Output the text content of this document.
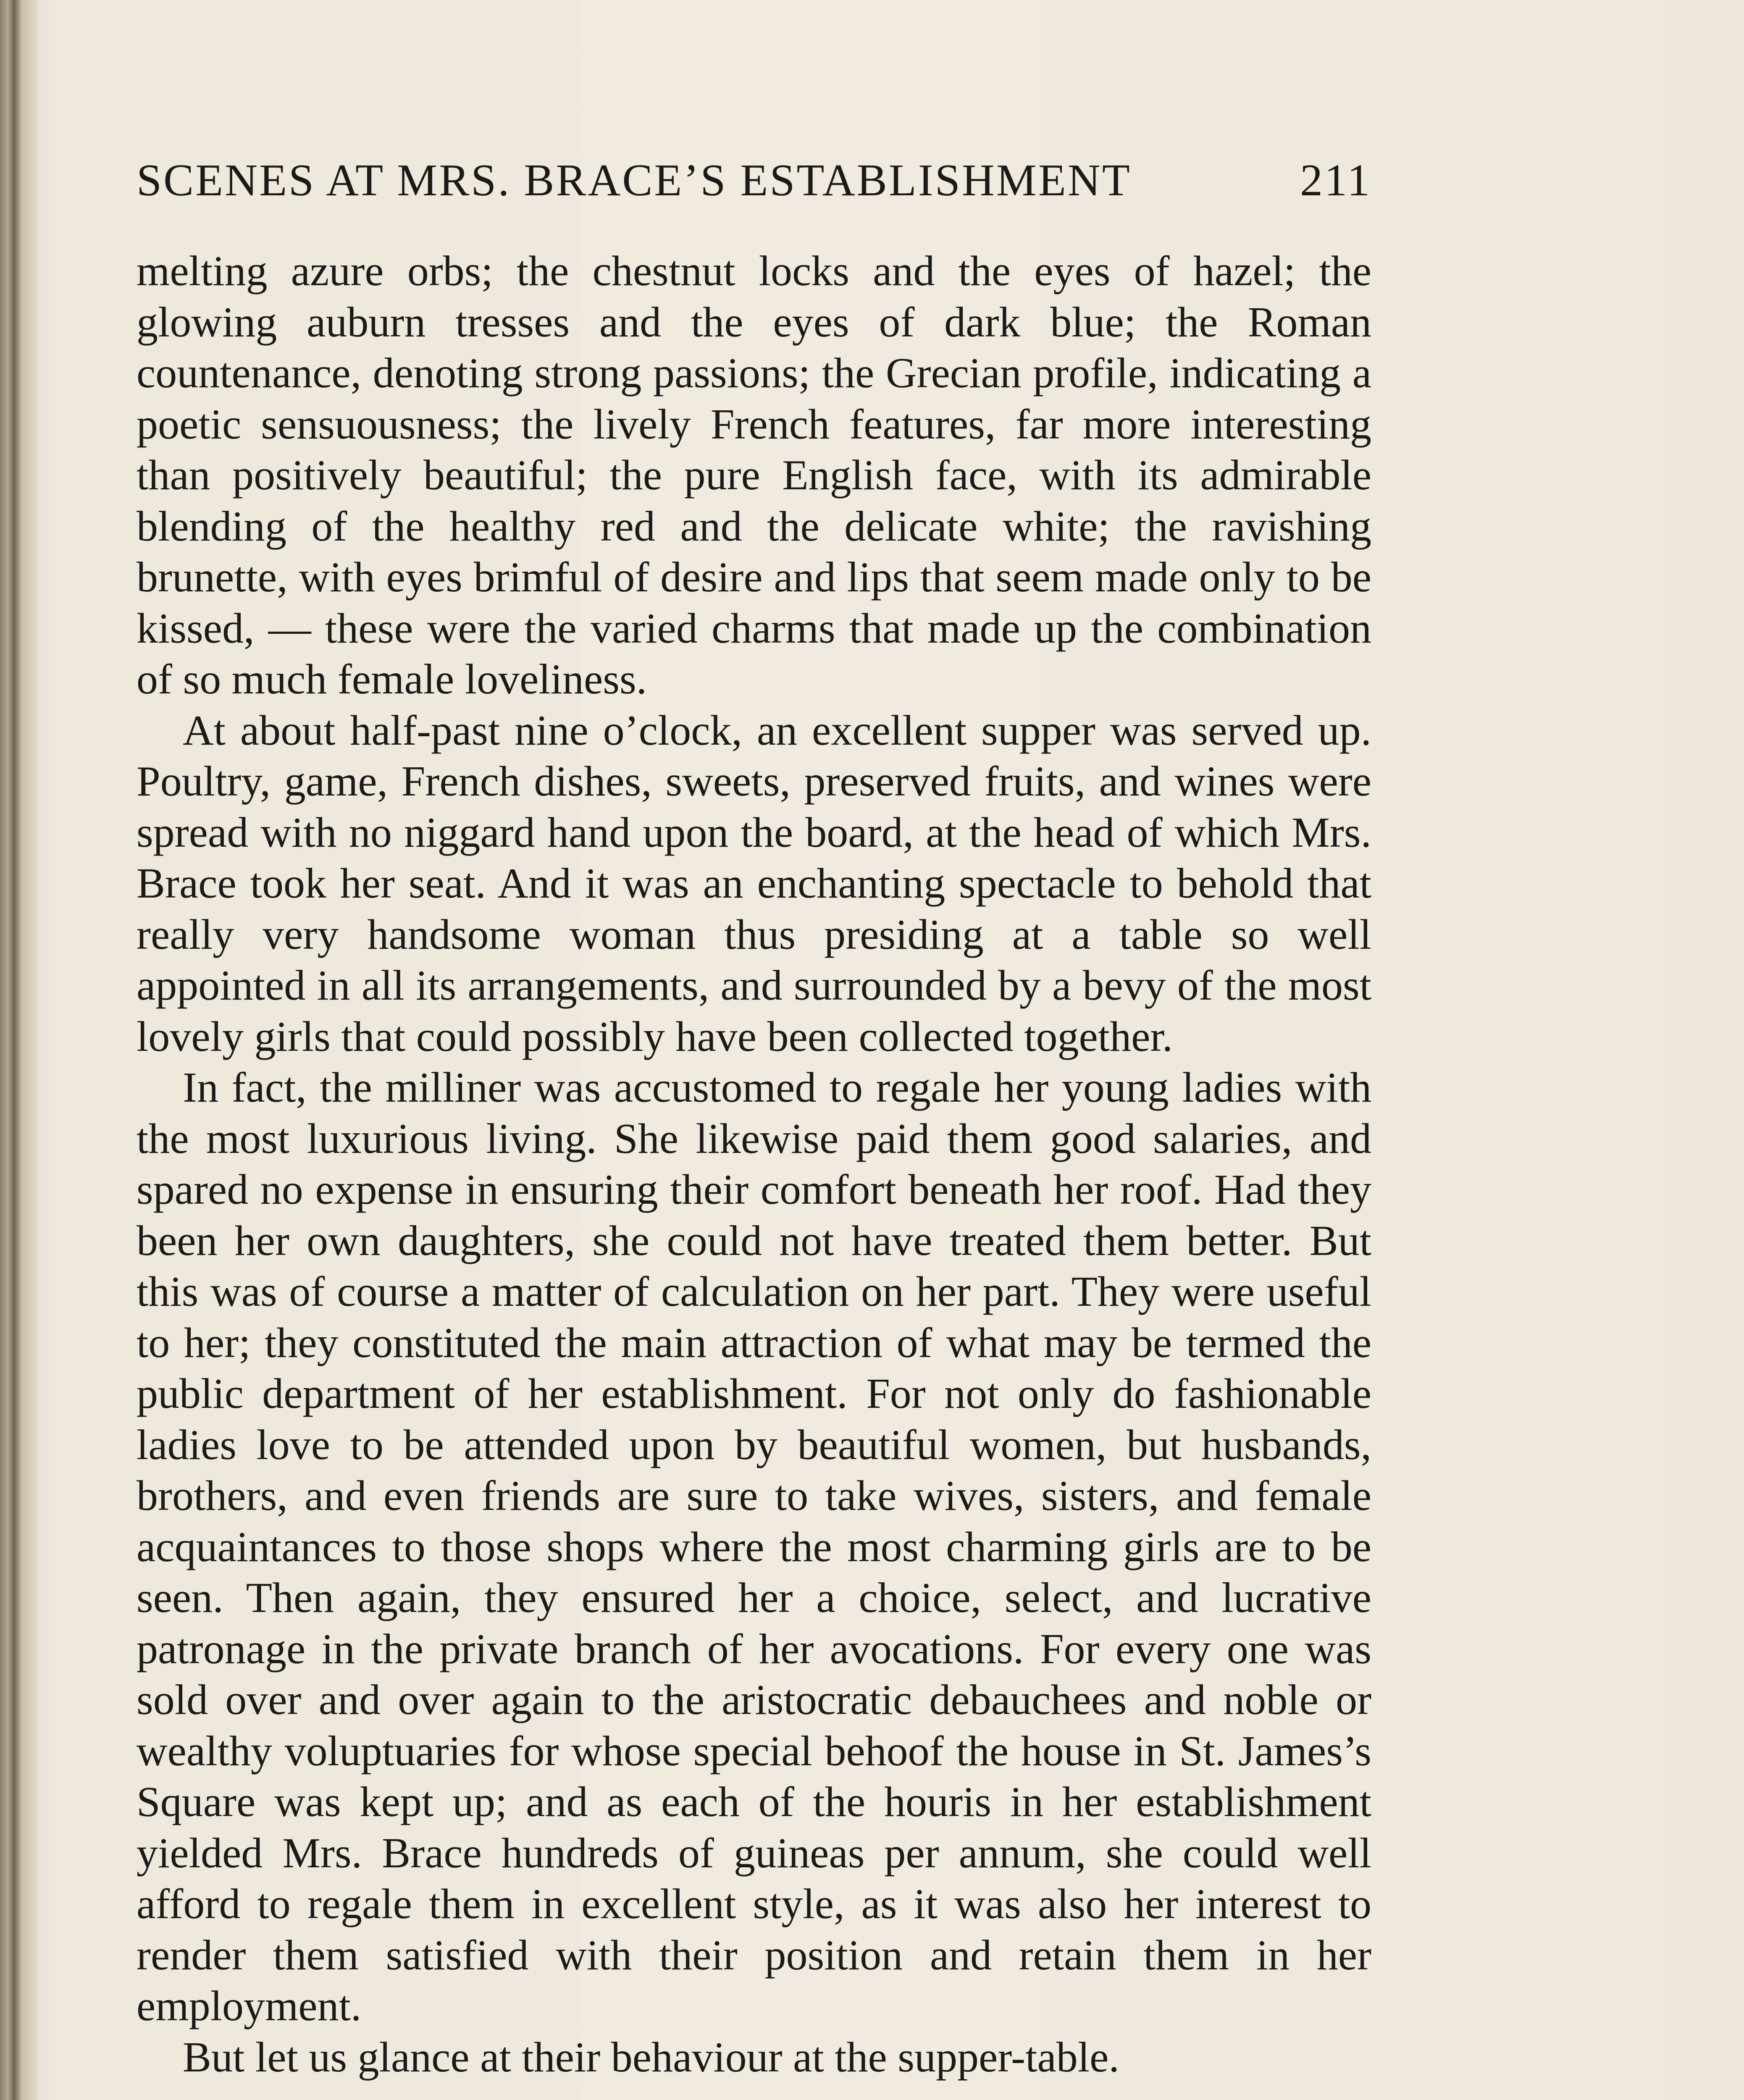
SCENES AT MRS. BRACE’S ESTABLISHMENT	211

melting azure orbs; the chestnut locks and the eyes of hazel; the glowing auburn tresses and the eyes of dark blue; the Roman countenance, denoting strong passions; the Grecian profile, indicating a poetic sensuousness; the lively French features, far more interesting than positively beautiful; the pure English face, with its admirable blending of the healthy red and the delicate white; the ravishing brunette, with eyes brimful of desire and lips that seem made only to be kissed, — these were the varied charms that made up the combination of so much female loveliness.

At about half-past nine o’clock, an excellent supper was served up. Poultry, game, French dishes, sweets, preserved fruits, and wines were spread with no niggard hand upon the board, at the head of which Mrs. Brace took her seat. And it was an enchanting spectacle to behold that really very handsome woman thus presiding at a table so well appointed in all its arrangements, and surrounded by a bevy of the most lovely girls that could possibly have been collected together.

In fact, the milliner was accustomed to regale her young ladies with the most luxurious living. She likewise paid them good salaries, and spared no expense in ensuring their comfort beneath her roof. Had they been her own daughters, she could not have treated them better. But this was of course a matter of calculation on her part. They were useful to her; they constituted the main attraction of what may be termed the public department of her establishment. For not only do fashionable ladies love to be attended upon by beautiful women, but husbands, brothers, and even friends are sure to take wives, sisters, and female acquaintances to those shops where the most charming girls are to be seen. Then again, they ensured her a choice, select, and lucrative patronage in the private branch of her avocations. For every one was sold over and over again to the aristocratic debauchees and noble or wealthy voluptuaries for whose special behoof the house in St. James’s Square was kept up; and as each of the houris in her establishment yielded Mrs. Brace hundreds of guineas per annum, she could well afford to regale them in excellent style, as it was also her interest to render them satisfied with their position and retain them in her employment.

But let us glance at their behaviour at the supper-table.
